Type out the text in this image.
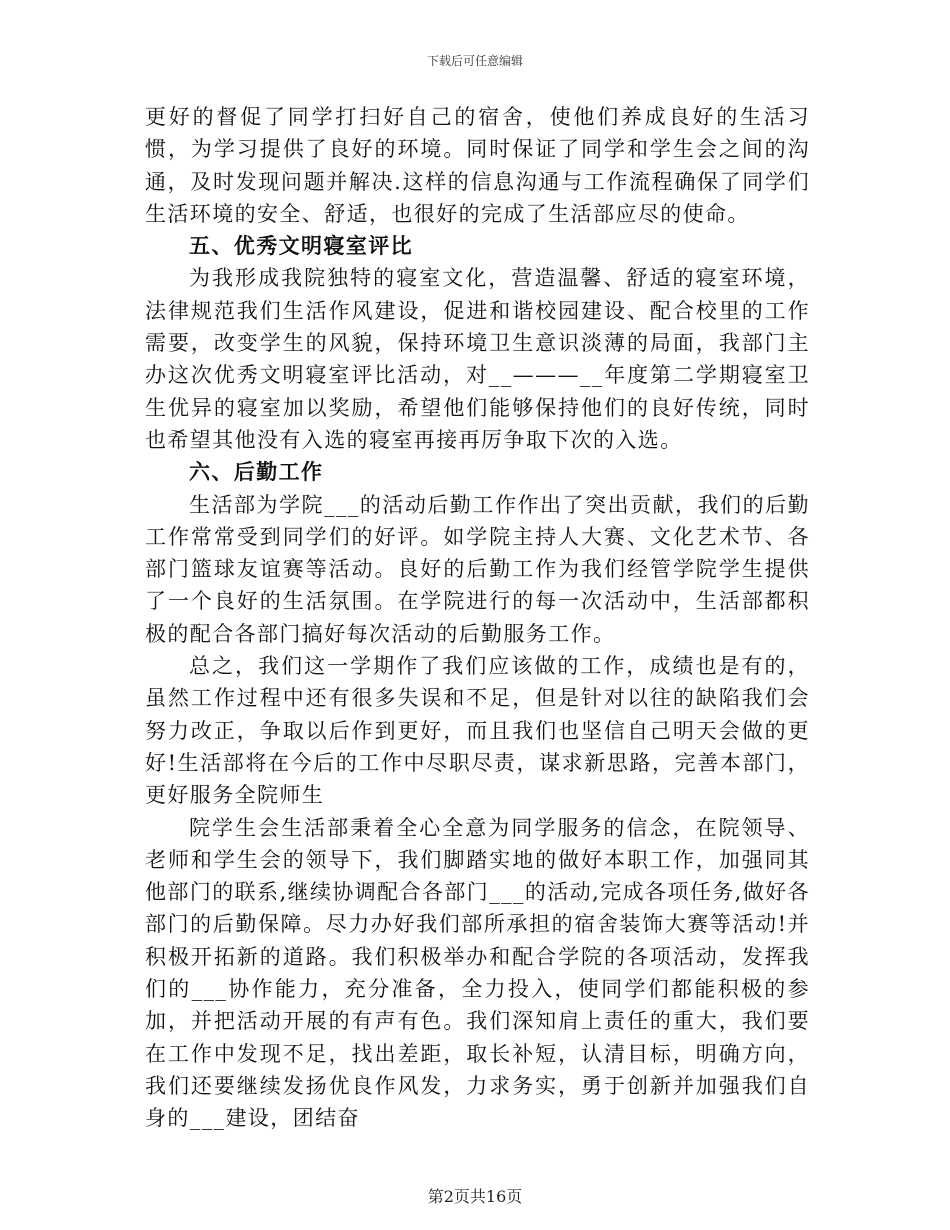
下载后可任意编辑

更好的督促了同学打扫好自己的宿舍，使他们养成良好的生活习惯，为学习提供了良好的环境。同时保证了同学和学生会之间的沟通，及时发现问题并解决.这样的信息沟通与工作流程确保了同学们生活环境的安全、舒适，也很好的完成了生活部应尽的使命。

五、优秀文明寝室评比

为我形成我院独特的寝室文化，营造温馨、舒适的寝室环境，法律规范我们生活作风建设，促进和谐校园建设、配合校里的工作需要，改变学生的风貌，保持环境卫生意识淡薄的局面，我部门主办这次优秀文明寝室评比活动，对__———__年度第二学期寝室卫生优异的寝室加以奖励，希望他们能够保持他们的良好传统，同时也希望其他没有入选的寝室再接再厉争取下次的入选。

六、后勤工作

生活部为学院___的活动后勤工作作出了突出贡献，我们的后勤工作常常受到同学们的好评。如学院主持人大赛、文化艺术节、各部门篮球友谊赛等活动。良好的后勤工作为我们经管学院学生提供了一个良好的生活氛围。在学院进行的每一次活动中，生活部都积极的配合各部门搞好每次活动的后勤服务工作。

总之，我们这一学期作了我们应该做的工作，成绩也是有的，虽然工作过程中还有很多失误和不足，但是针对以往的缺陷我们会努力改正，争取以后作到更好，而且我们也坚信自己明天会做的更好!生活部将在今后的工作中尽职尽责，谋求新思路，完善本部门，更好服务全院师生

院学生会生活部秉着全心全意为同学服务的信念，在院领导、老师和学生会的领导下，我们脚踏实地的做好本职工作，加强同其他部门的联系,继续协调配合各部门___的活动,完成各项任务,做好各部门的后勤保障。尽力办好我们部所承担的宿舍装饰大赛等活动!并积极开拓新的道路。我们积极举办和配合学院的各项活动，发挥我们的___协作能力，充分准备，全力投入，使同学们都能积极的参加，并把活动开展的有声有色。我们深知肩上责任的重大，我们要在工作中发现不足，找出差距，取长补短，认清目标，明确方向，我们还要继续发扬优良作风发，力求务实，勇于创新并加强我们自身的___建设，团结奋

第2页共16页
